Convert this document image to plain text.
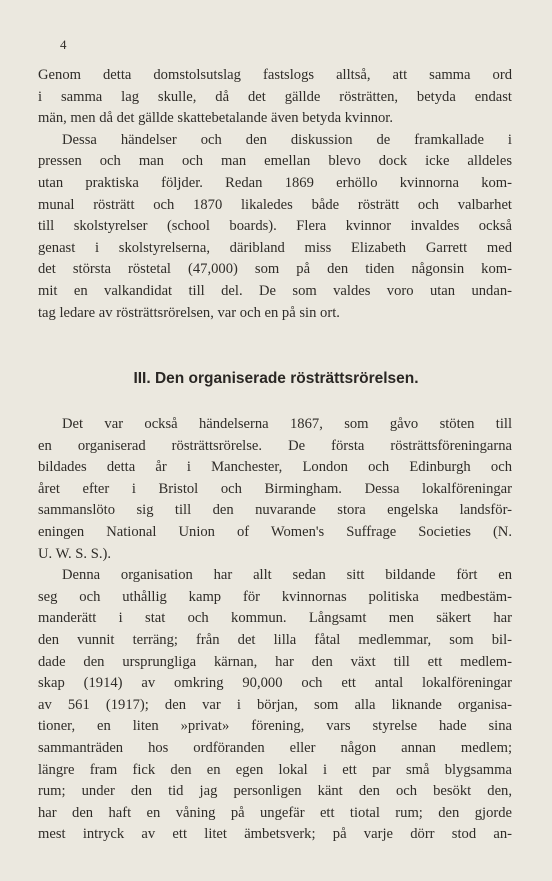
4
Genom detta domstolsutslag fastslogs alltså, att samma ord
i samma lag skulle, då det gällde rösträtten, betyda endast
män, men då det gällde skattebetalande även betyda kvinnor.
Dessa händelser och den diskussion de framkallade i
pressen och man och man emellan blevo dock icke alldeles
utan praktiska följder. Redan 1869 erhöllo kvinnorna kom-
munal rösträtt och 1870 likaledes både rösträtt och valbarhet
till skolstyrelser (school boards). Flera kvinnor invaldes också
genast i skolstyrelserna, däribland miss Elizabeth Garrett med
det största röstetal (47,000) som på den tiden någonsin kom-
mit en valkandidat till del. De som valdes voro utan undan-
tag ledare av rösträttsrörelsen, var och en på sin ort.
III. Den organiserade rösträttsrörelsen.
Det var också händelserna 1867, som gåvo stöten till
en organiserad rösträttsrörelse. De första rösträttsföreningarna
bildades detta år i Manchester, London och Edinburgh och
året efter i Bristol och Birmingham. Dessa lokalföreningar
sammanslöto sig till den nuvarande stora engelska landsför-
eningen National Union of Women's Suffrage Societies (N.
U. W. S. S.).
Denna organisation har allt sedan sitt bildande fört en
seg och uthållig kamp för kvinnornas politiska medbestäm-
manderätt i stat och kommun. Långsamt men säkert har
den vunnit terräng; från det lilla fåtal medlemmar, som bil-
dade den ursprungliga kärnan, har den växt till ett medlem-
skap (1914) av omkring 90,000 och ett antal lokalföreningar
av 561 (1917); den var i början, som alla liknande organisa-
tioner, en liten »privat» förening, vars styrelse hade sina
sammanträden hos ordföranden eller någon annan medlem;
längre fram fick den en egen lokal i ett par små blygsamma
rum; under den tid jag personligen känt den och besökt den,
har den haft en våning på ungefär ett tiotal rum; den gjorde
mest intryck av ett litet ämbetsverk; på varje dörr stod an-
